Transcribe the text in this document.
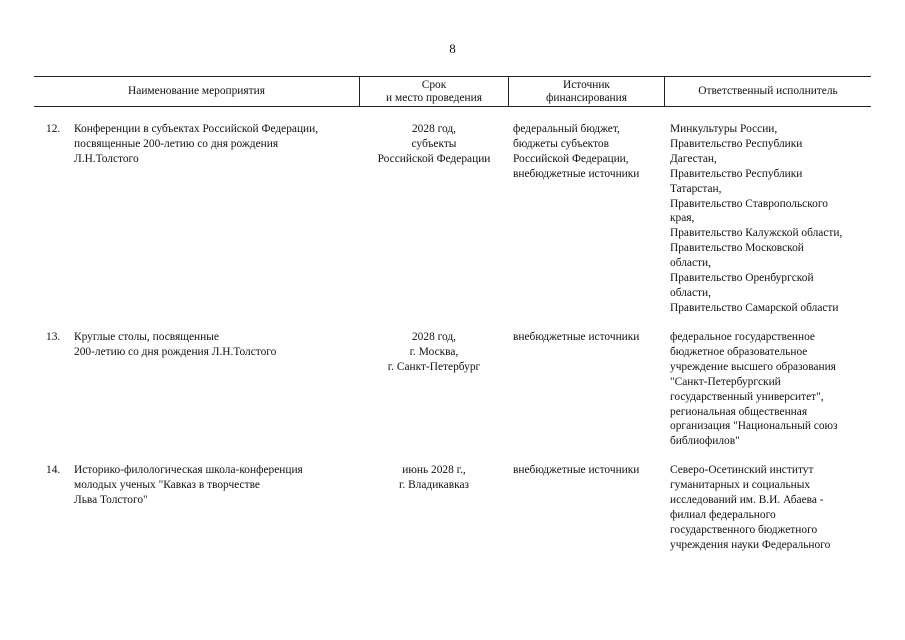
8
Наименование мероприятия
Срок
и место проведения
Источник
финансирования
Ответственный исполнитель
12. Конференции в субъектах Российской Федерации,
посвященные 200-летию со дня рождения
Л.Н.Толстого
2028 год,
субъекты
Российской Федерации
федеральный бюджет,
бюджеты субъектов
Российской Федерации,
внебюджетные источники
Минкультуры России,
Правительство Республики
Дагестан,
Правительство Республики
Татарстан,
Правительство Ставропольского
края,
Правительство Калужской области,
Правительство Московской
области,
Правительство Оренбургской
области,
Правительство Самарской области
13. Круглые столы, посвященные
200-летию со дня рождения Л.Н.Толстого
2028 год,
г. Москва,
г. Санкт-Петербург
внебюджетные источники	федеральное государственное
бюджетное образовательное
учреждение высшего образования
"Санкт-Петербургский
государственный университет",
региональная общественная
организация "Национальный союз
библиофилов"
14. Историко-филологическая школа-конференция
молодых ученых "Кавказ в творчестве
Льва Толстого"
июнь 2028 г.,
г. Владикавказ
внебюджетные источники	Северо-Осетинский институт
гуманитарных и социальных
исследований им. В.И. Абаева -
филиал федерального
государственного бюджетного
учреждения науки Федерального
